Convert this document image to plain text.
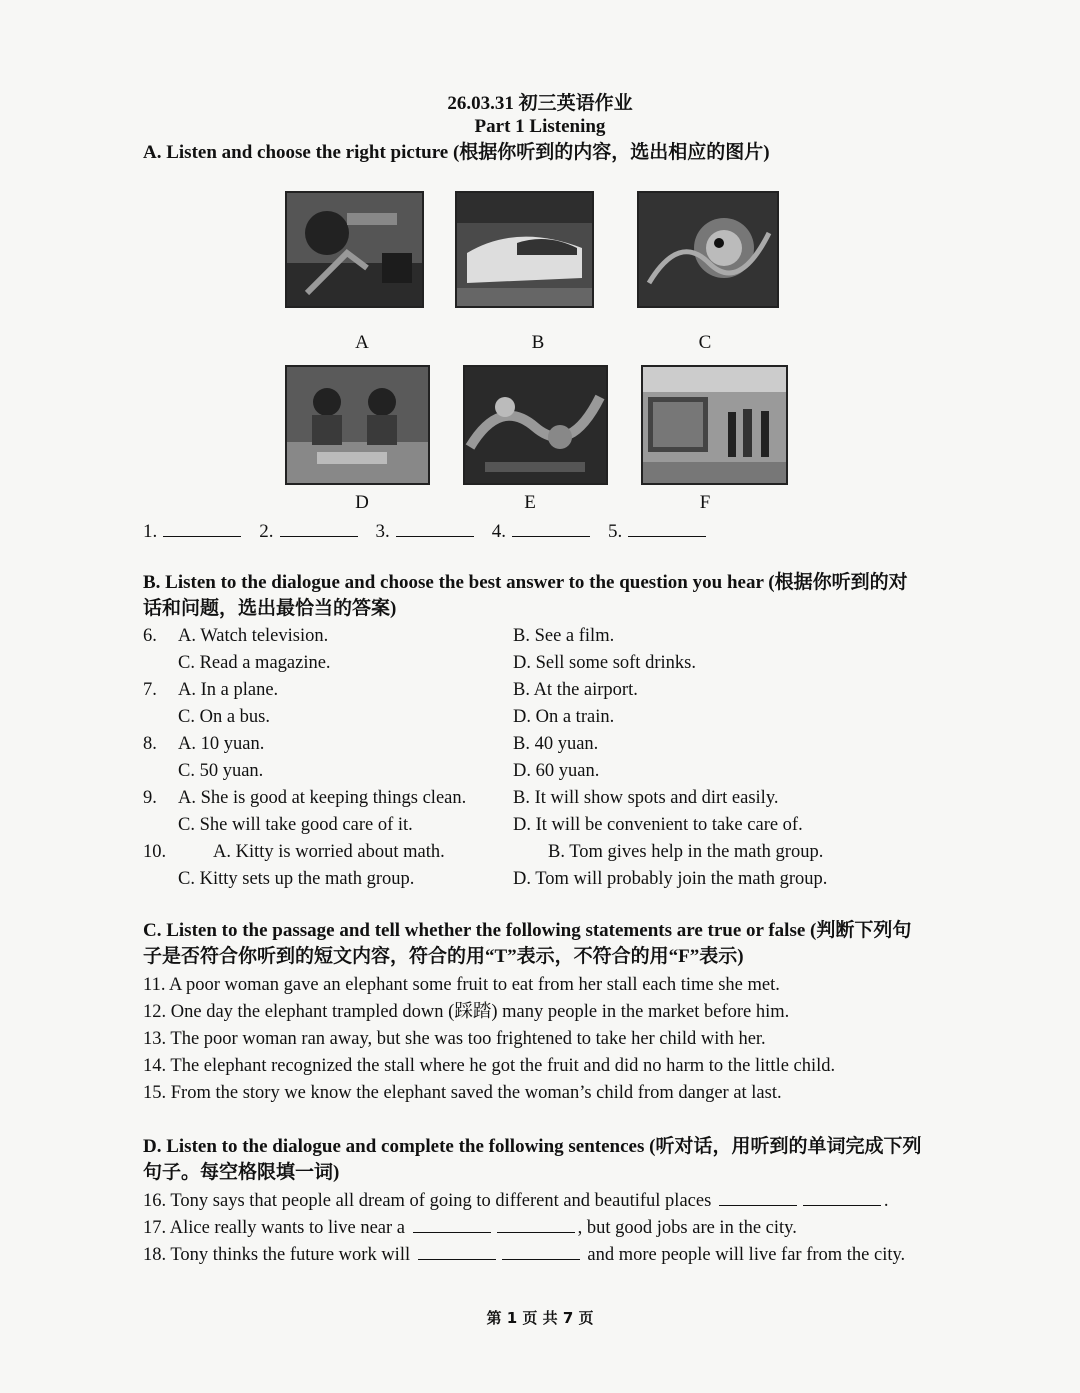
26.03.31 初三英语作业
Part 1 Listening
A. Listen and choose the right picture (根据你听到的内容，选出相应的图片)
A	B	C
D	E	F
1.	2.	3.	4.	5.
B. Listen to the dialogue and choose the best answer to the question you hear (根据你听到的对
话和问题，选出最恰当的答案)
6. A. Watch television.	B. See a film.
C. Read a magazine.	D. Sell some soft drinks.
7. A. In a plane.	B. At the airport.
C. On a bus.	D. On a train.
8. A. 10 yuan.	B. 40 yuan.
C. 50 yuan.	D. 60 yuan.
9. A. She is good at keeping things clean.	B. It will show spots and dirt easily.
C. She will take good care of it.	D. It will be convenient to take care of.
10.	A. Kitty is worried about math.	B. Tom gives help in the math group.
C. Kitty sets up the math group.	D. Tom will probably join the math group.
C. Listen to the passage and tell whether the following statements are true or false (判断下列句
子是否符合你听到的短文内容，符合的用“T”表示，不符合的用“F”表示)
11. A poor woman gave an elephant some fruit to eat from her stall each time she met.
12. One day the elephant trampled down (踩踏) many people in the market before him.
13. The poor woman ran away, but she was too frightened to take her child with her.
14. The elephant recognized the stall where he got the fruit and did no harm to the little child.
15. From the story we know the elephant saved the woman’s child from danger at last.
D. Listen to the dialogue and complete the following sentences (听对话，用听到的单词完成下列
句子。每空格限填一词)
16. Tony says that people all dream of going to different and beautiful places	.
17. Alice really wants to live near a	, but good jobs are in the city.
18. Tony thinks the future work will	and more people will live far from the city.
第 1 页 共 7 页
